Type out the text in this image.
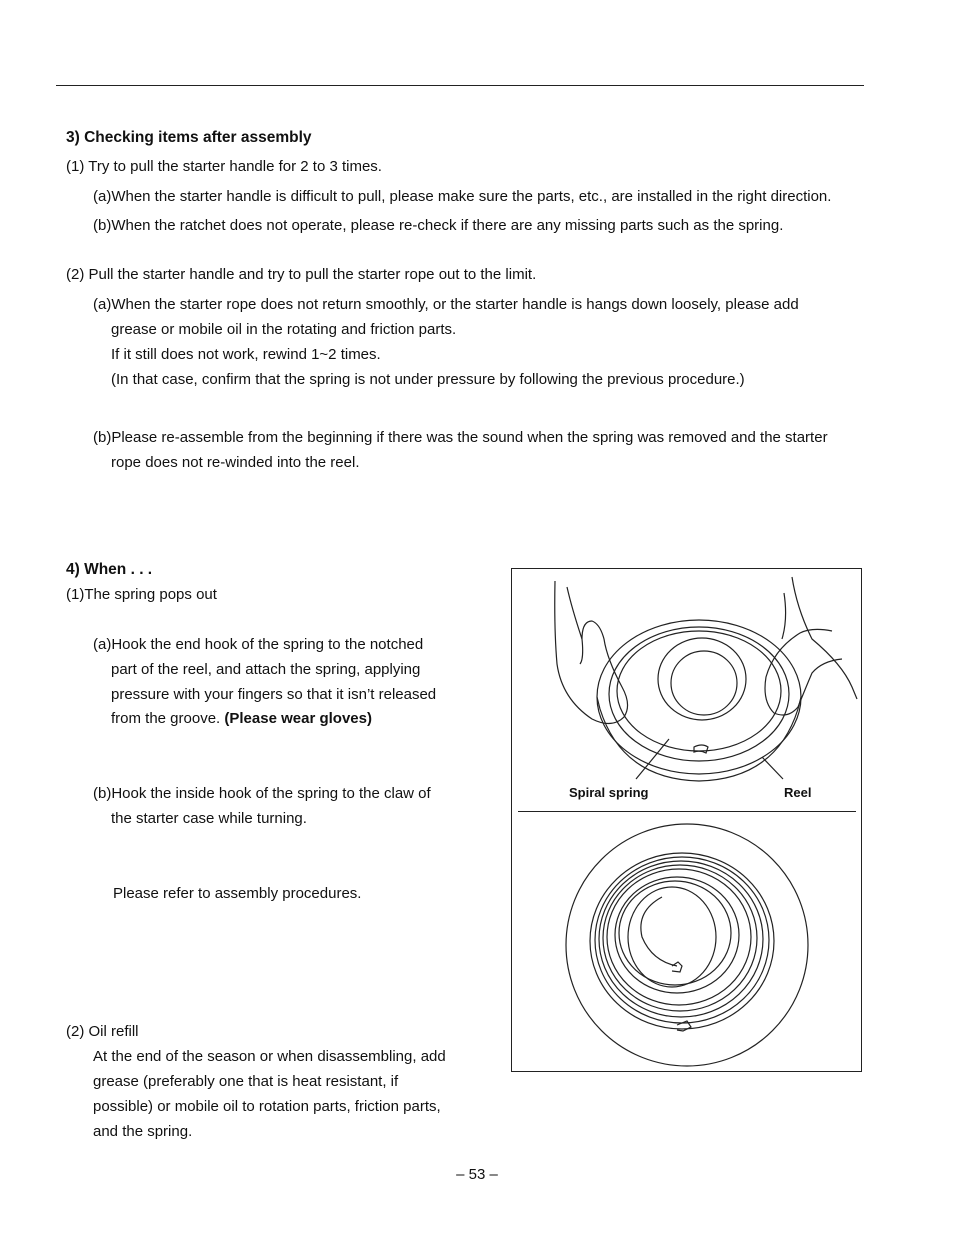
3) Checking items after assembly

(1) Try to pull the starter handle for 2 to 3 times.

(a)When the starter handle is difficult to pull, please make sure the parts, etc., are installed in the right direction.

(b)When the ratchet does not operate, please re-check if there are any missing parts such as the spring.

(2) Pull the starter handle and try to pull the starter rope out to the limit.

(a)When the starter rope does not return smoothly, or the starter handle is hangs down loosely, please add

grease or mobile oil in the rotating and friction parts.

If it still does not work, rewind 1~2 times.

(In that case, confirm that the spring is not under pressure by following the previous procedure.)

(b)Please re-assemble from the beginning if there was the sound when the spring was removed and the starter

rope does not re-winded into the reel.

4) When . . .

(1)The spring pops out

(a)Hook the end hook of the spring to the notched

part of the reel, and attach the spring, applying

pressure with your fingers so that it isn’t released

from the groove. (Please wear gloves)

(b)Hook the inside hook of the spring to the claw of

the starter case while turning.

Please refer to assembly procedures.

(2) Oil refill

At the end of the season or when disassembling, add

grease (preferably one that is heat resistant, if

possible) or mobile oil to rotation parts, friction parts,

and the spring.

Spiral spring	Reel
– 53 –
